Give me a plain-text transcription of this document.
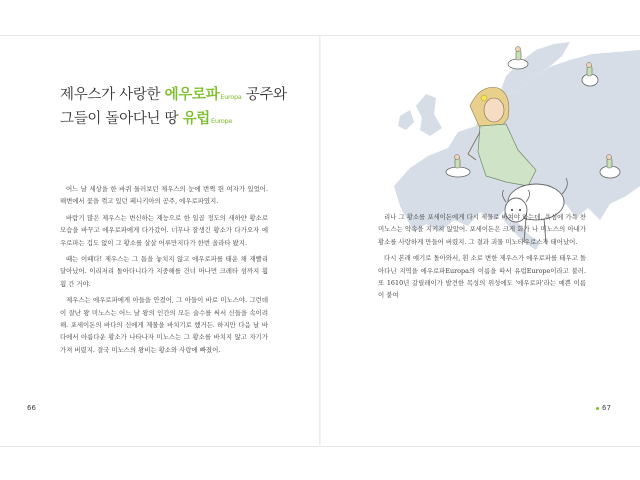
제우스가 사랑한 에우로파Europa 공주와
그들이 돌아다닌 땅 유럽Europe

어느 날 세상을 한 바퀴 둘러보던 제우스의 눈에 번쩍 띈 여자가 있었어. 해변에서 꽃을 꺾고 있던 페니키아의 공주, 에우로파였지.

바람기 많은 제우스는 변신하는 재능으로 한 일곱 정도의 새하얀 황소로 모습을 바꾸고 에우로파에게 다가갔어. 너무나 잘생긴 황소가 다가오자 에우로파는 겁도 없이 그 황소를 살살 어루만지다가 한번 올라타 봤지.

때는 이때다! 제우스는 그 틈을 놓치지 않고 에우로파를 태운 채 재빨리 달아났어. 이리저리 돌아다니다가 지중해를 건너 머나먼 크레타 섬까지 훨훨 간 거야.

제우스는 에우로파에게 아들을 안겼어, 그 아들이 바로 미노스야. 그런데 이 잘난 왕 미노스는 어느 날 왕의 인간의 모든 술수를 써서 신들을 속이려 해. 포세이돈의 바다의 신에게 제물을 바치기로 했거든. 하지만 다음 날 바다에서 아름다운 황소가 나타나자 미노스는 그 황소를 바치지 않고 자기가 가져 버렸지. 결국 미노스의 왕비는 황소와 사랑에 빠졌어.

66

리나 그 황소를 포세이돈에게 다시 제물로 바쳐야 하는데, 욕심에 가득 찬 미노스는 약속을 지키지 않았어. 포세이돈은 크게 화가 나 미노스의 아내가 황소를 사랑하게 만들어 버렸지. 그 결과 괴물 미노타우로스가 태어났어.

다시 본래 얘기로 돌아와서, 흰 소로 변한 제우스가 에우로파를 태우고 돌아다닌 지역을 에우로파Europa의 이름을 따서 유럽Europe이라고 불러. 또 1610년 갈릴레이가 발견한 목성의 위성에도 '에우로파'라는 예쁜 이름이 붙여

67
